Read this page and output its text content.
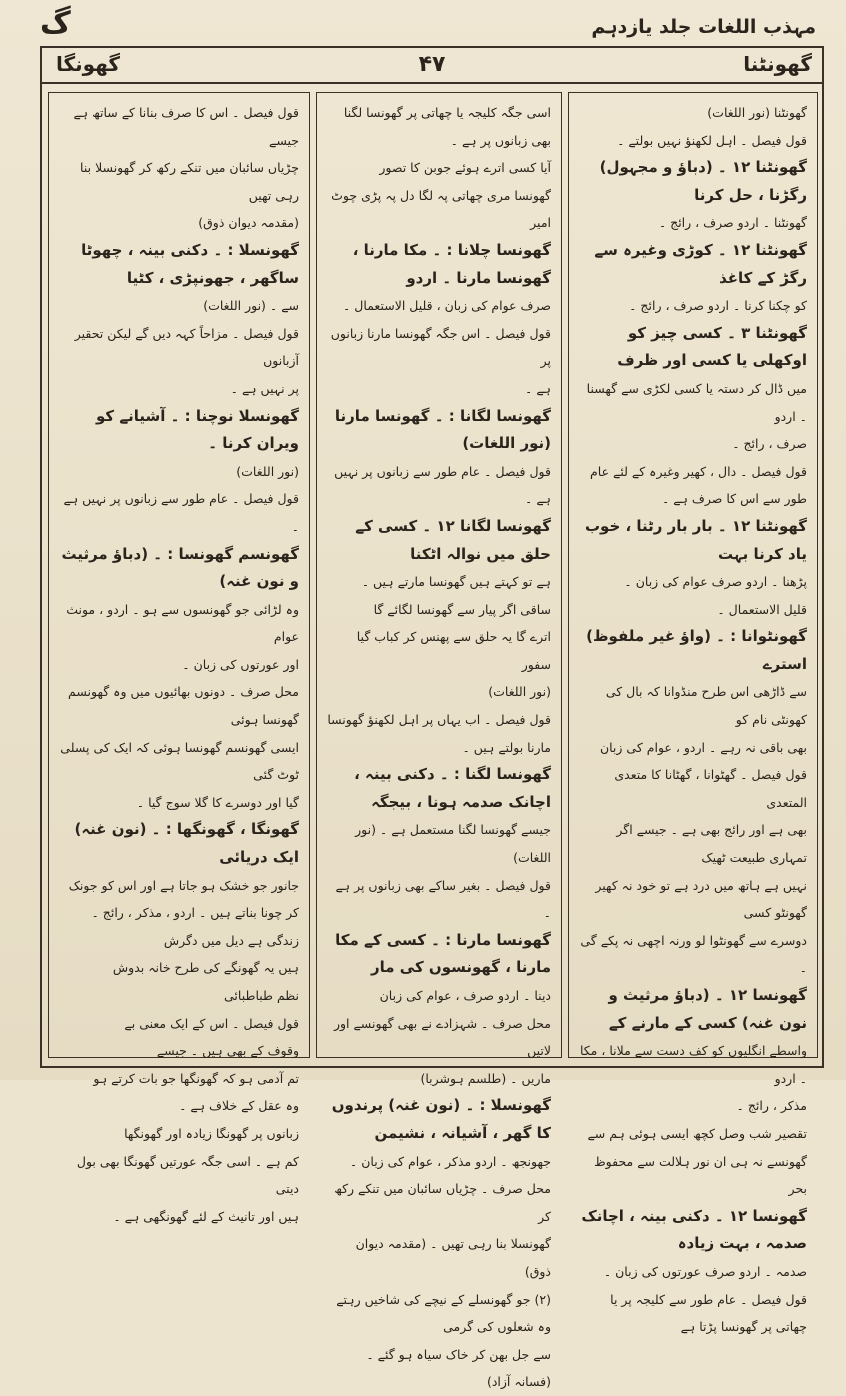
مہذب اللغات جلد یازدہم
گ
گھونگا	۴۷	گھونٹنا

گھونٹنا (نور اللغات)

قول فیصل ۔ اہل لکھنؤ نہیں بولتے ۔

گھونٹنا ۱۲ ۔ (دباؤ و مجہول) رگڑنا ، حل کرنا

گھونٹنا ۔ اردو صرف ، رائج ۔

گھونٹنا ۱۲ ۔ کوڑی وغیرہ سے رگڑ کے کاغذ

کو چکنا کرنا ۔ اردو صرف ، رائج ۔

گھونٹنا ۳ ۔ کسی چیز کو اوکھلی یا کسی اور ظرف

میں ڈال کر دستہ یا کسی لکڑی سے گھسنا ۔ اردو

صرف ، رائج ۔

قول فیصل ۔ دال ، کھیر وغیرہ کے لئے عام

طور سے اس کا صرف ہے ۔

گھونٹنا ۱۲ ۔ بار بار رٹنا ، خوب یاد کرنا بہت

پڑھنا ۔ اردو صرف عوام کی زبان ۔

قلیل الاستعمال ۔

گھونٹوانا : ۔ (واؤ غیر ملفوظ) استرے

سے ڈاڑھی اس طرح منڈوانا کہ بال کی کھونٹی نام کو

بھی باقی نہ رہے ۔ اردو ، عوام کی زبان

قول فیصل ۔ گھٹوانا ، گھٹانا کا متعدی المتعدی

بھی ہے اور رائج بھی ہے ۔ جیسے اگر تمہاری طبیعت ٹھیک

نہیں ہے ہاتھ میں درد ہے تو خود نہ کھیر گھونٹو کسی

دوسرے سے گھونٹوا لو ورنہ اچھی نہ پکے گی ۔

گھونسا ۱۲ ۔ (دباؤ مرثیث و نون غنہ) کسی کے مارنے کے

واسطے انگلیوں کو کف دست سے ملانا ، مکا ۔ اردو

مذکر ، رائج ۔

تقصیر شب وصل کچھ ایسی ہوئی ہم سے

گھونسے نہ ہی ان نور ہلالت سے محفوظ بحر

گھونسا ۱۲ ۔ دکنی بینہ ، اچانک صدمہ ، بہت زیادہ

صدمہ ۔ اردو صرف عورتوں کی زبان ۔

قول فیصل ۔ عام طور سے کلیجہ پر یا چھاتی پر گھونسا پڑتا ہے

اسی جگہ کلیجہ یا چھاتی پر گھونسا لگنا بھی زبانوں پر ہے ۔

آیا کسی اترے ہوئے جوبن کا تصور

گھونسا مری چھاتی پہ لگا دل پہ پڑی چوٹ امیر

گھونسا چلانا : ۔ مکا مارنا ، گھونسا مارنا ۔ اردو

صرف عوام کی زبان ، قلیل الاستعمال ۔

قول فیصل ۔ اس جگہ گھونسا مارنا زبانوں پر

ہے ۔

گھونسا لگانا : ۔ گھونسا مارنا (نور اللغات)

قول فیصل ۔ عام طور سے زبانوں پر نہیں ہے ۔

گھونسا لگانا ۱۲ ۔ کسی کے حلق میں نوالہ اٹکنا

ہے تو کہتے ہیں گھونسا مارتے ہیں ۔

ساقی اگر پیار سے گھونسا لگائے گا

اترے گا یہ حلق سے پھنس کر کباب گیا سفور

(نور اللغات)

قول فیصل ۔ اب یہاں پر اہل لکھنؤ گھونسا

مارنا بولتے ہیں ۔

گھونسا لگنا : ۔ دکنی بینہ ، اچانک صدمہ ہونا ، بیجگہ

جیسے گھونسا لگنا مستعمل ہے ۔ (نور اللغات)

قول فیصل ۔ بغیر ساکے بھی زبانوں پر ہے ۔

گھونسا مارنا : ۔ کسی کے مکا مارنا ، گھونسوں کی مار

دینا ۔ اردو صرف ، عوام کی زبان

محل صرف ۔ شہزادے نے بھی گھونسے اور لاتیں

ماریں ۔ (طلسم ہوشربا)

گھونسلا : ۔ (نون غنہ) پرندوں کا گھر ، آشیانہ ، نشیمن

جھونجھ ۔ اردو مذکر ، عوام کی زبان ۔

محل صرف ۔ چڑیاں سائبان میں تنکے رکھ کر

گھونسلا بنا رہی تھیں ۔ (مقدمہ دیوان ذوق)

(۲) جو گھونسلے کے نیچے کی شاخیں رہتے وہ شعلوں کی گرمی

سے جل بھن کر خاک سیاہ ہو گئے ۔ (فسانہ آزاد)

قول فیصل ۔ اس کا صرف بنانا کے ساتھ ہے جیسے

چڑیاں سائبان میں تنکے رکھ کر گھونسلا بنا رہی تھیں

(مقدمہ دیوان ذوق)

گھونسلا : ۔ دکنی بینہ ، چھوٹا ساگھر ، جھونپڑی ، کٹیا

سے ۔ (نور اللغات)

قول فیصل ۔ مزاحاً کہہ دیں گے لیکن تحقیر آزبانوں

پر نہیں ہے ۔

گھونسلا نوچنا : ۔ آشیانے کو ویران کرنا ۔

(نور اللغات)

قول فیصل ۔ عام طور سے زبانوں پر نہیں ہے ۔

گھونسم گھونسا : ۔ (دباؤ مرثیث و نون غنہ)

وہ لڑائی جو گھونسوں سے ہو ۔ اردو ، مونث عوام

اور عورتوں کی زبان ۔

محل صرف ۔ دونوں بھائیوں میں وہ گھونسم گھونسا ہوئی

ایسی گھونسم گھونسا ہوئی کہ ایک کی پسلی ٹوٹ گئی

گیا اور دوسرے کا گلا سوج گیا ۔

گھونگا ، گھونگھا : ۔ (نون غنہ) ایک دریائی

جانور جو خشک ہو جاتا ہے اور اس کو جونک

کر چونا بناتے ہیں ۔ اردو ، مذکر ، رائج ۔

زندگی ہے دیل میں دگرش

ہیں یہ گھونگے کی طرح خانہ بدوش

نظم طباطبائی

قول فیصل ۔ اس کے ایک معنی بے

وقوف کے بھی ہیں ۔ جیسے

تم آدمی ہو کہ گھونگھا جو بات کرتے ہو

وہ عقل کے خلاف ہے ۔

زبانوں پر گھونگا زیادہ اور گھونگھا

کم ہے ۔ اسی جگہ عورتیں گھونگا بھی بول دیتی

ہیں اور تانیث کے لئے گھونگھی ہے ۔
